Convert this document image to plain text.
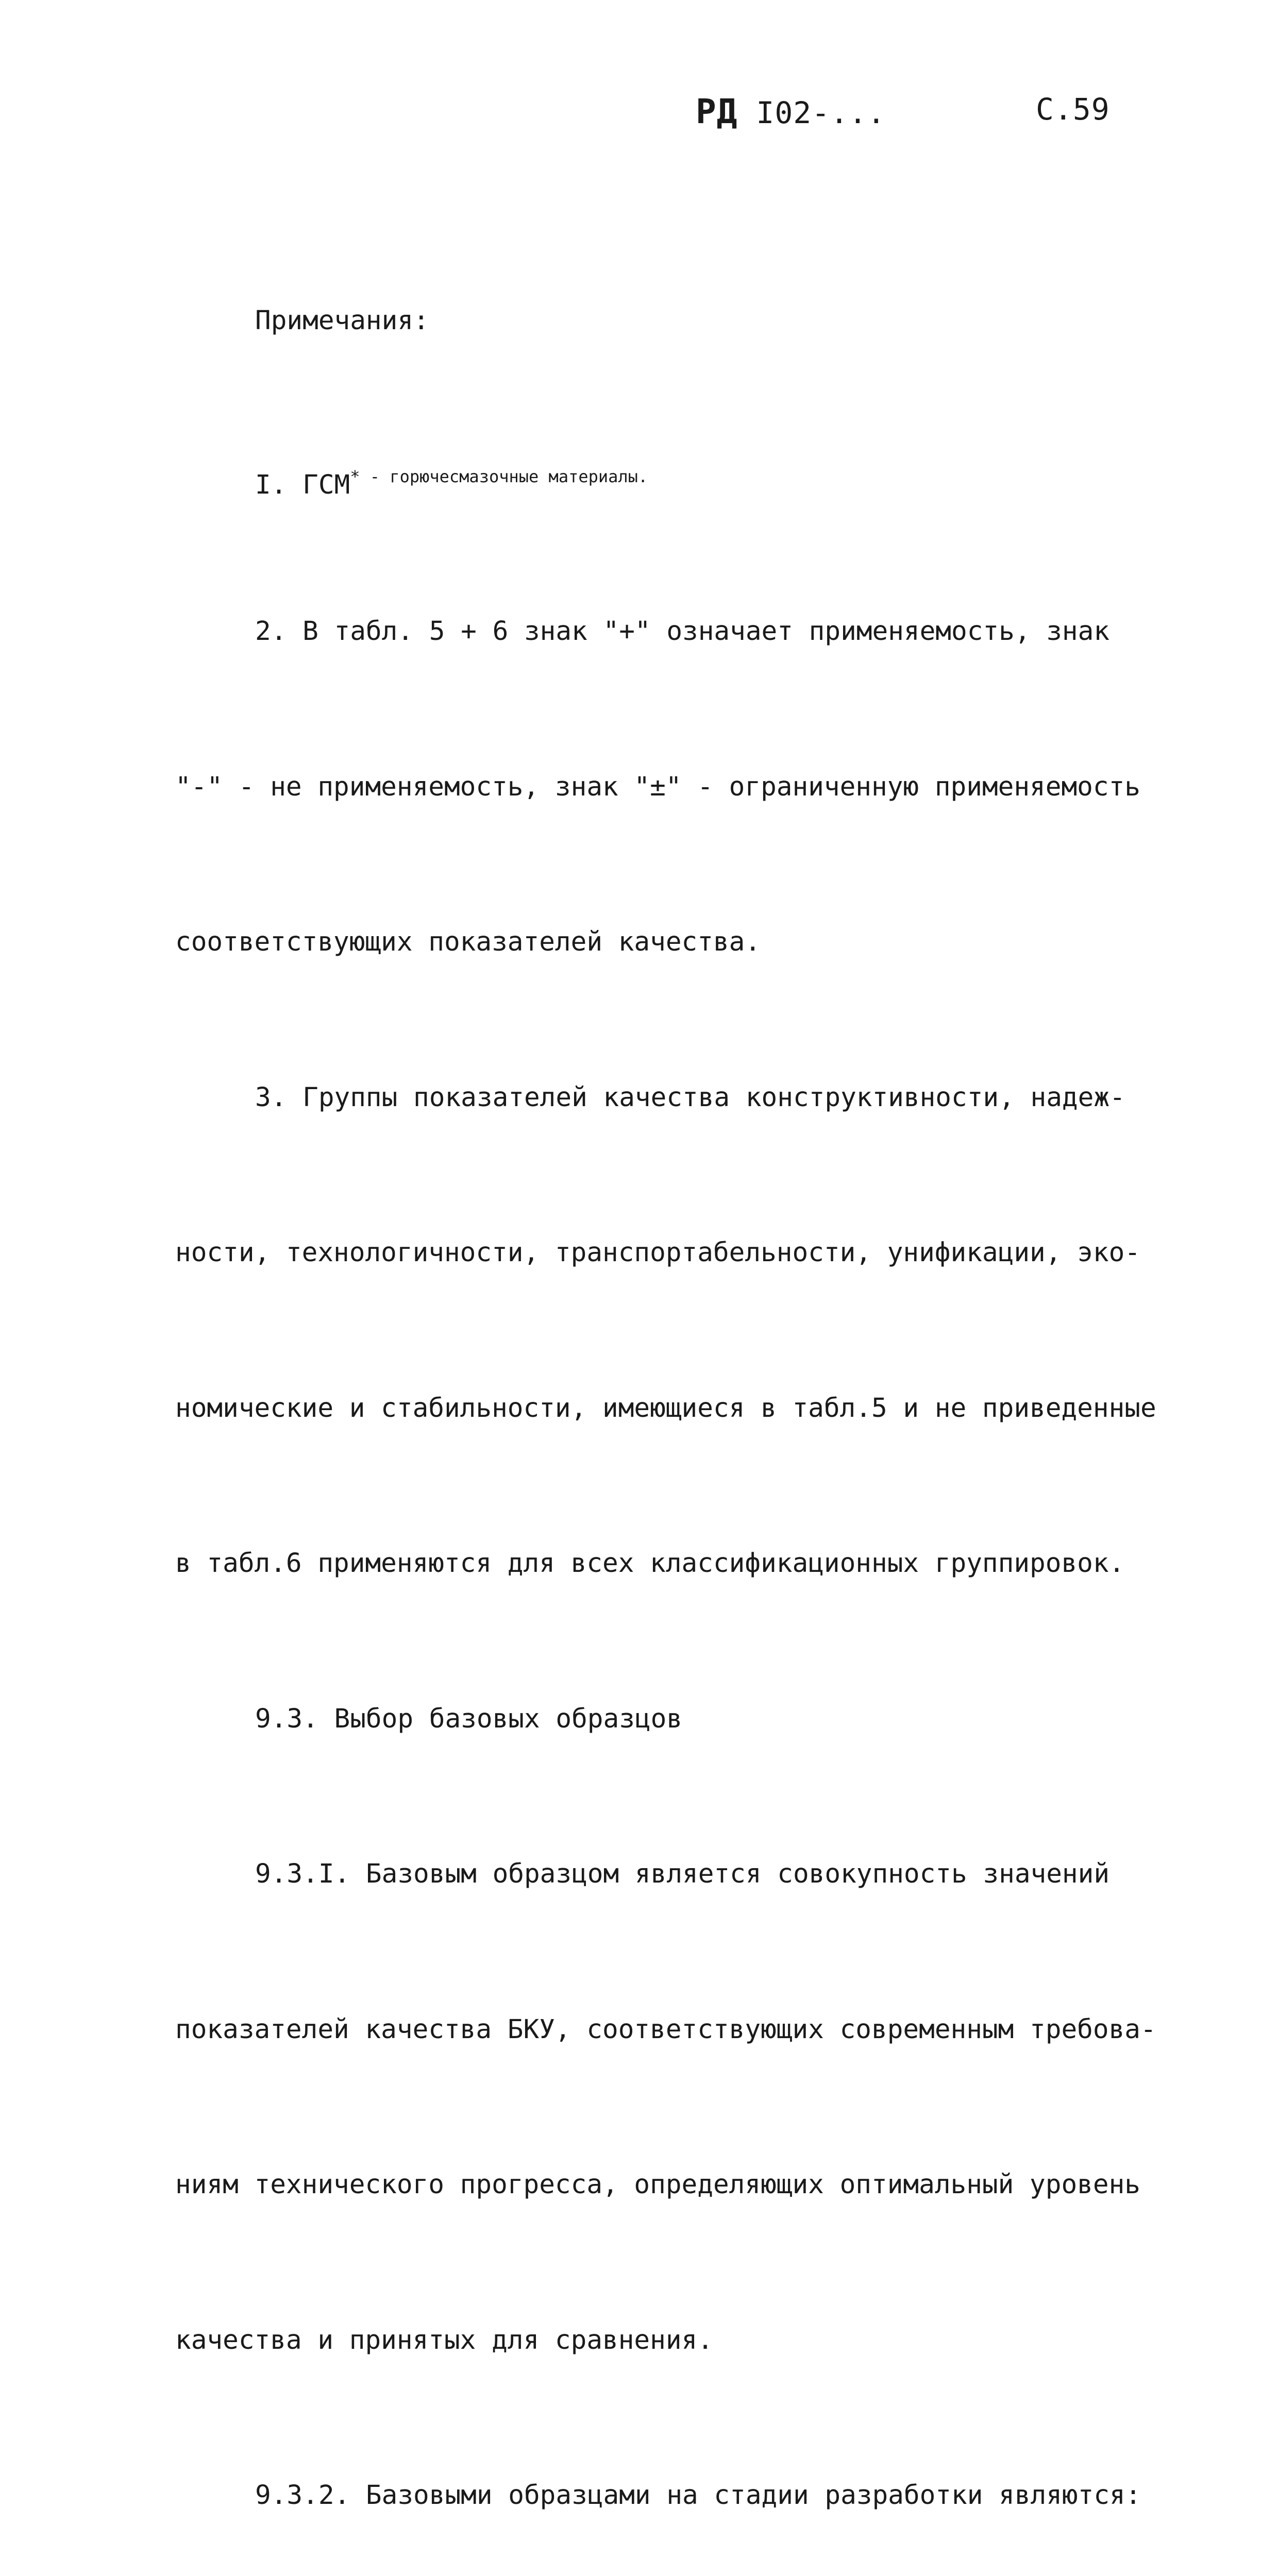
РД I02-...	С.59

Примечания:

I. $ГСМ^{* - горючесмазочные материалы.}$

2. В табл. 5 + 6 знак "+" означает применяемость, знак

"-" - не применяемость, знак "±" - ограниченную применяемость

соответствующих показателей качества.

3. Группы показателей качества конструктивности, надеж-

ности, технологичности, транспортабельности, унификации, эко-

номические и стабильности, имеющиеся в табл.5 и не приведенные

в табл.6 применяются для всех классификационных группировок.

9.3. Выбор базовых образцов

9.3.I. Базовым образцом является совокупность значений

показателей качества БКУ, соответствующих современным требова-

ниям технического прогресса, определяющих оптимальный уровень

качества и принятых для сравнения.

9.3.2. Базовыми образцами на стадии разработки являются:
